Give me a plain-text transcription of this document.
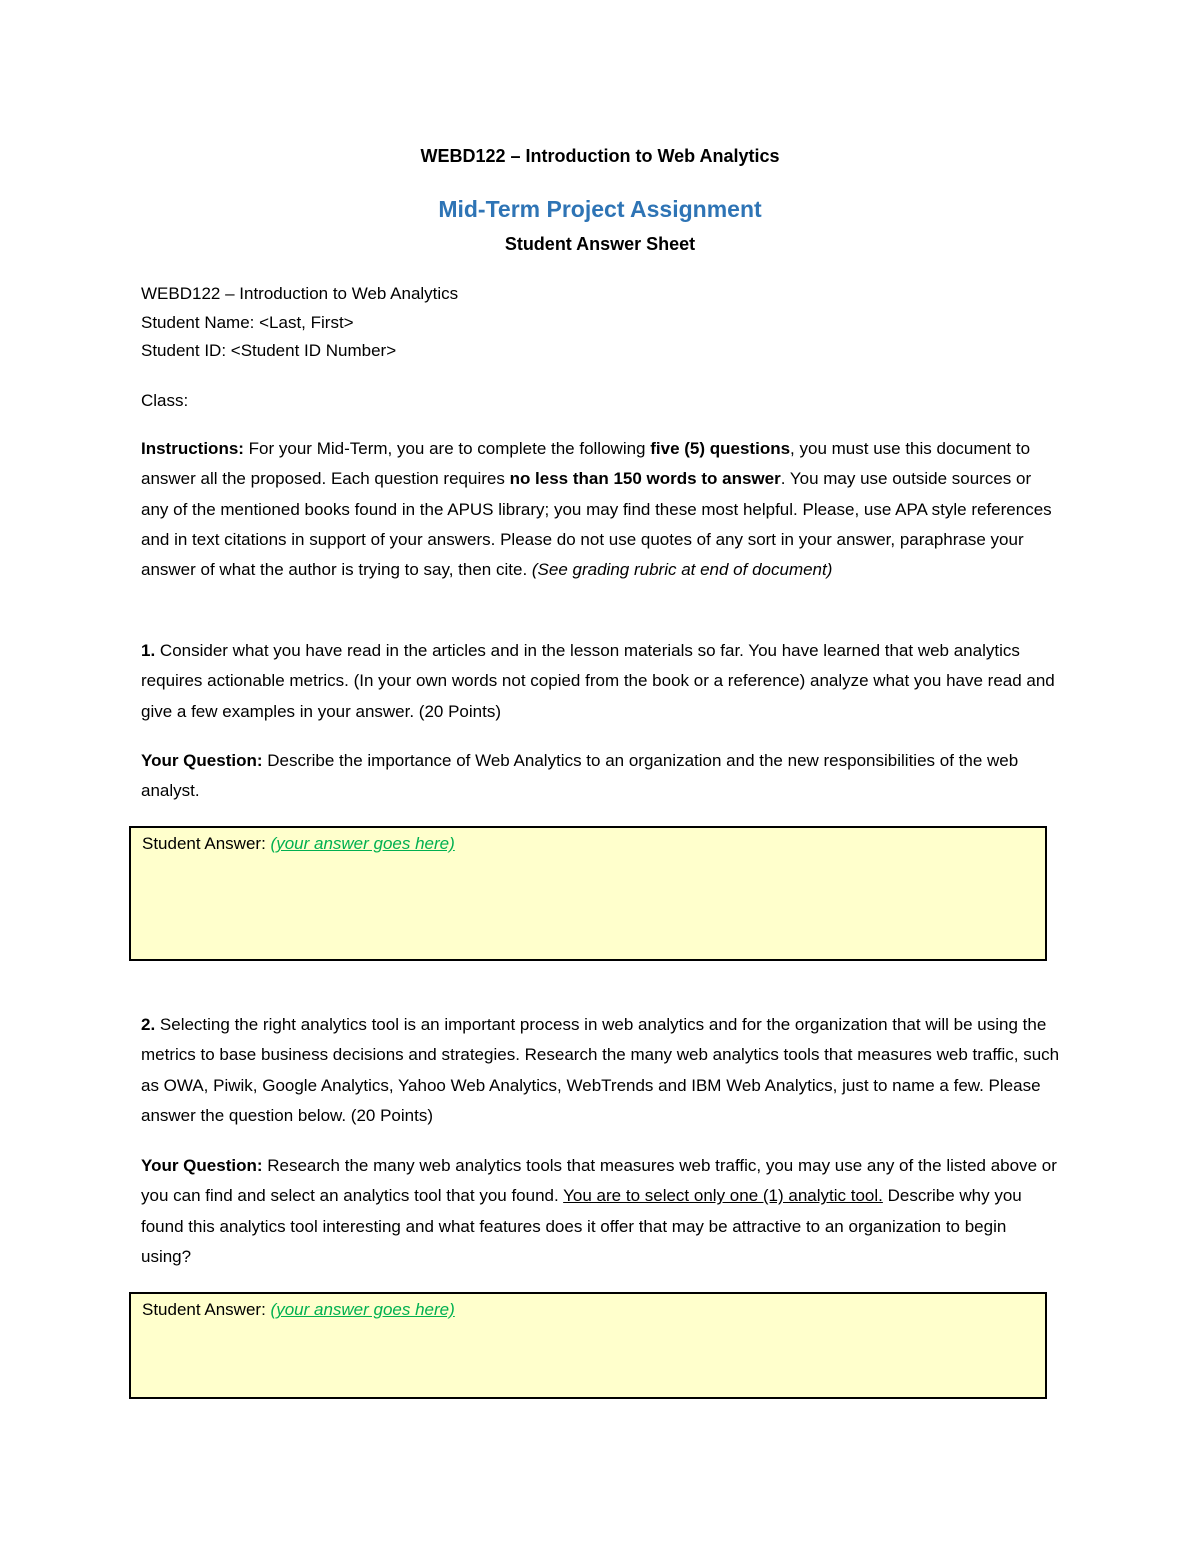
WEBD122 – Introduction to Web Analytics
Mid-Term Project Assignment
Student Answer Sheet
WEBD122 – Introduction to Web Analytics
Student Name: <Last, First>
Student ID: <Student ID Number>
Class:

Instructions: For your Mid-Term, you are to complete the following five (5) questions, you must use this document to answer all the proposed. Each question requires no less than 150 words to answer. You may use outside sources or any of the mentioned books found in the APUS library; you may find these most helpful. Please, use APA style references and in text citations in support of your answers. Please do not use quotes of any sort in your answer, paraphrase your answer of what the author is trying to say, then cite. (See grading rubric at end of document)

1. Consider what you have read in the articles and in the lesson materials so far. You have learned that web analytics requires actionable metrics. (In your own words not copied from the book or a reference) analyze what you have read and give a few examples in your answer. (20 Points)

Your Question: Describe the importance of Web Analytics to an organization and the new responsibilities of the web analyst.

Student Answer: (your answer goes here)

2. Selecting the right analytics tool is an important process in web analytics and for the organization that will be using the metrics to base business decisions and strategies. Research the many web analytics tools that measures web traffic, such as OWA, Piwik, Google Analytics, Yahoo Web Analytics, WebTrends and IBM Web Analytics, just to name a few. Please answer the question below. (20 Points)

Your Question: Research the many web analytics tools that measures web traffic, you may use any of the listed above or you can find and select an analytics tool that you found. You are to select only one (1) analytic tool. Describe why you found this analytics tool interesting and what features does it offer that may be attractive to an organization to begin using?

Student Answer: (your answer goes here)
